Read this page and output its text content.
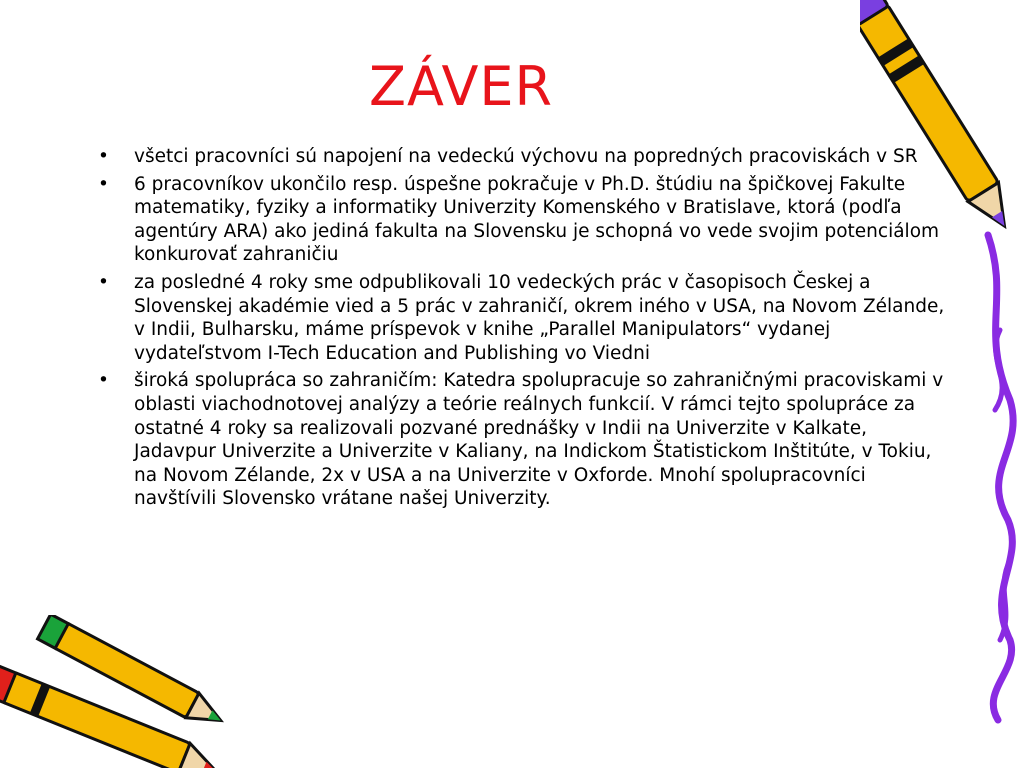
ZÁVER
• všetci pracovníci sú napojení na vedeckú výchovu na popredných pracoviskách v SR
• 6 pracovníkov ukončilo resp. úspešne pokračuje v Ph.D. štúdiu na špičkovej Fakulte matematiky, fyziky a informatiky Univerzity Komenského v Bratislave, ktorá (podľa agentúry ARA) ako jediná fakulta na Slovensku je schopná vo vede svojim potenciálom konkurovať zahraničiu
• za posledné 4 roky sme odpublikovali 10 vedeckých prác v časopisoch Českej a Slovenskej akadémie vied a 5 prác v zahraničí, okrem iného v USA, na Novom Zélande, v Indii, Bulharsku, máme príspevok v knihe „Parallel Manipulators“ vydanej vydateľstvom I-Tech Education and Publishing vo Viedni
• široká spolupráca so zahraničím: Katedra spolupracuje so zahraničnými pracoviskami v oblasti viachodnotovej analýzy a teórie reálnych funkcií. V rámci tejto spolupráce za ostatné 4 roky sa realizovali pozvané prednášky v Indii na Univerzite v Kalkate, Jadavpur Univerzite a Univerzite v Kaliany, na Indickom Štatistickom Inštitúte, v Tokiu, na Novom Zélande, 2x v USA a na Univerzite v Oxforde. Mnohí spolupracovníci navštívili Slovensko vrátane našej Univerzity.
